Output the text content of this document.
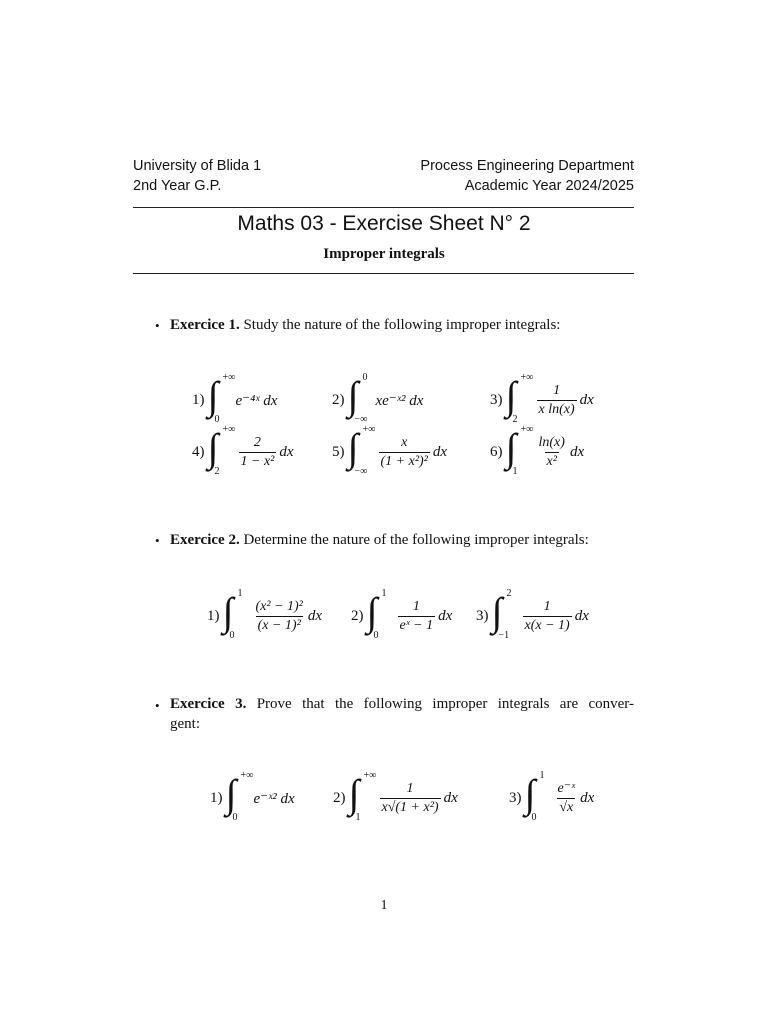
University of Blida 1
2nd Year G.P.
Process Engineering Department
Academic Year 2024/2025
Maths 03 - Exercise Sheet N° 2
Improper integrals
• Exercice 1. Study the nature of the following improper integrals:
1) ∫ +∞
0
e⁻⁴ˣ dx	2) ∫ 0
−∞
xe⁻ˣ² dx	3) ∫ +∞
2
$\frac{1}{\text{x ln(x)}}$ dx
4) ∫ +∞
2
$\frac{2}{\text{1 − x²}}$ dx	5) ∫ +∞
−∞
$\frac{x}{\text{(1 + x²)²}}$ dx	6) ∫ +∞
1
$\frac{\ln(x)}{\text{x²}}$ dx
• Exercice 2. Determine the nature of the following improper integrals:
1) ∫ 1
0
$\frac{\text{(x² − 1)²}}{\text{(x − 1)²}}$ dx 2) ∫ 1
0
$\frac{1}{\text{eˣ − 1}}$ dx 3) ∫ 2
−1
$\frac{1}{x(x - 1)}$ dx
• Exercice 3. Prove that the following improper integrals are conver-
gent:
1) ∫ +∞
0
e⁻ˣ² dx	2) ∫ +∞
1
$\frac{1}{\text{x√(1 + x²)}}$ dx	3) ∫ 1
0
$\frac{\text{e⁻ˣ}}{√x}$ dx
1
